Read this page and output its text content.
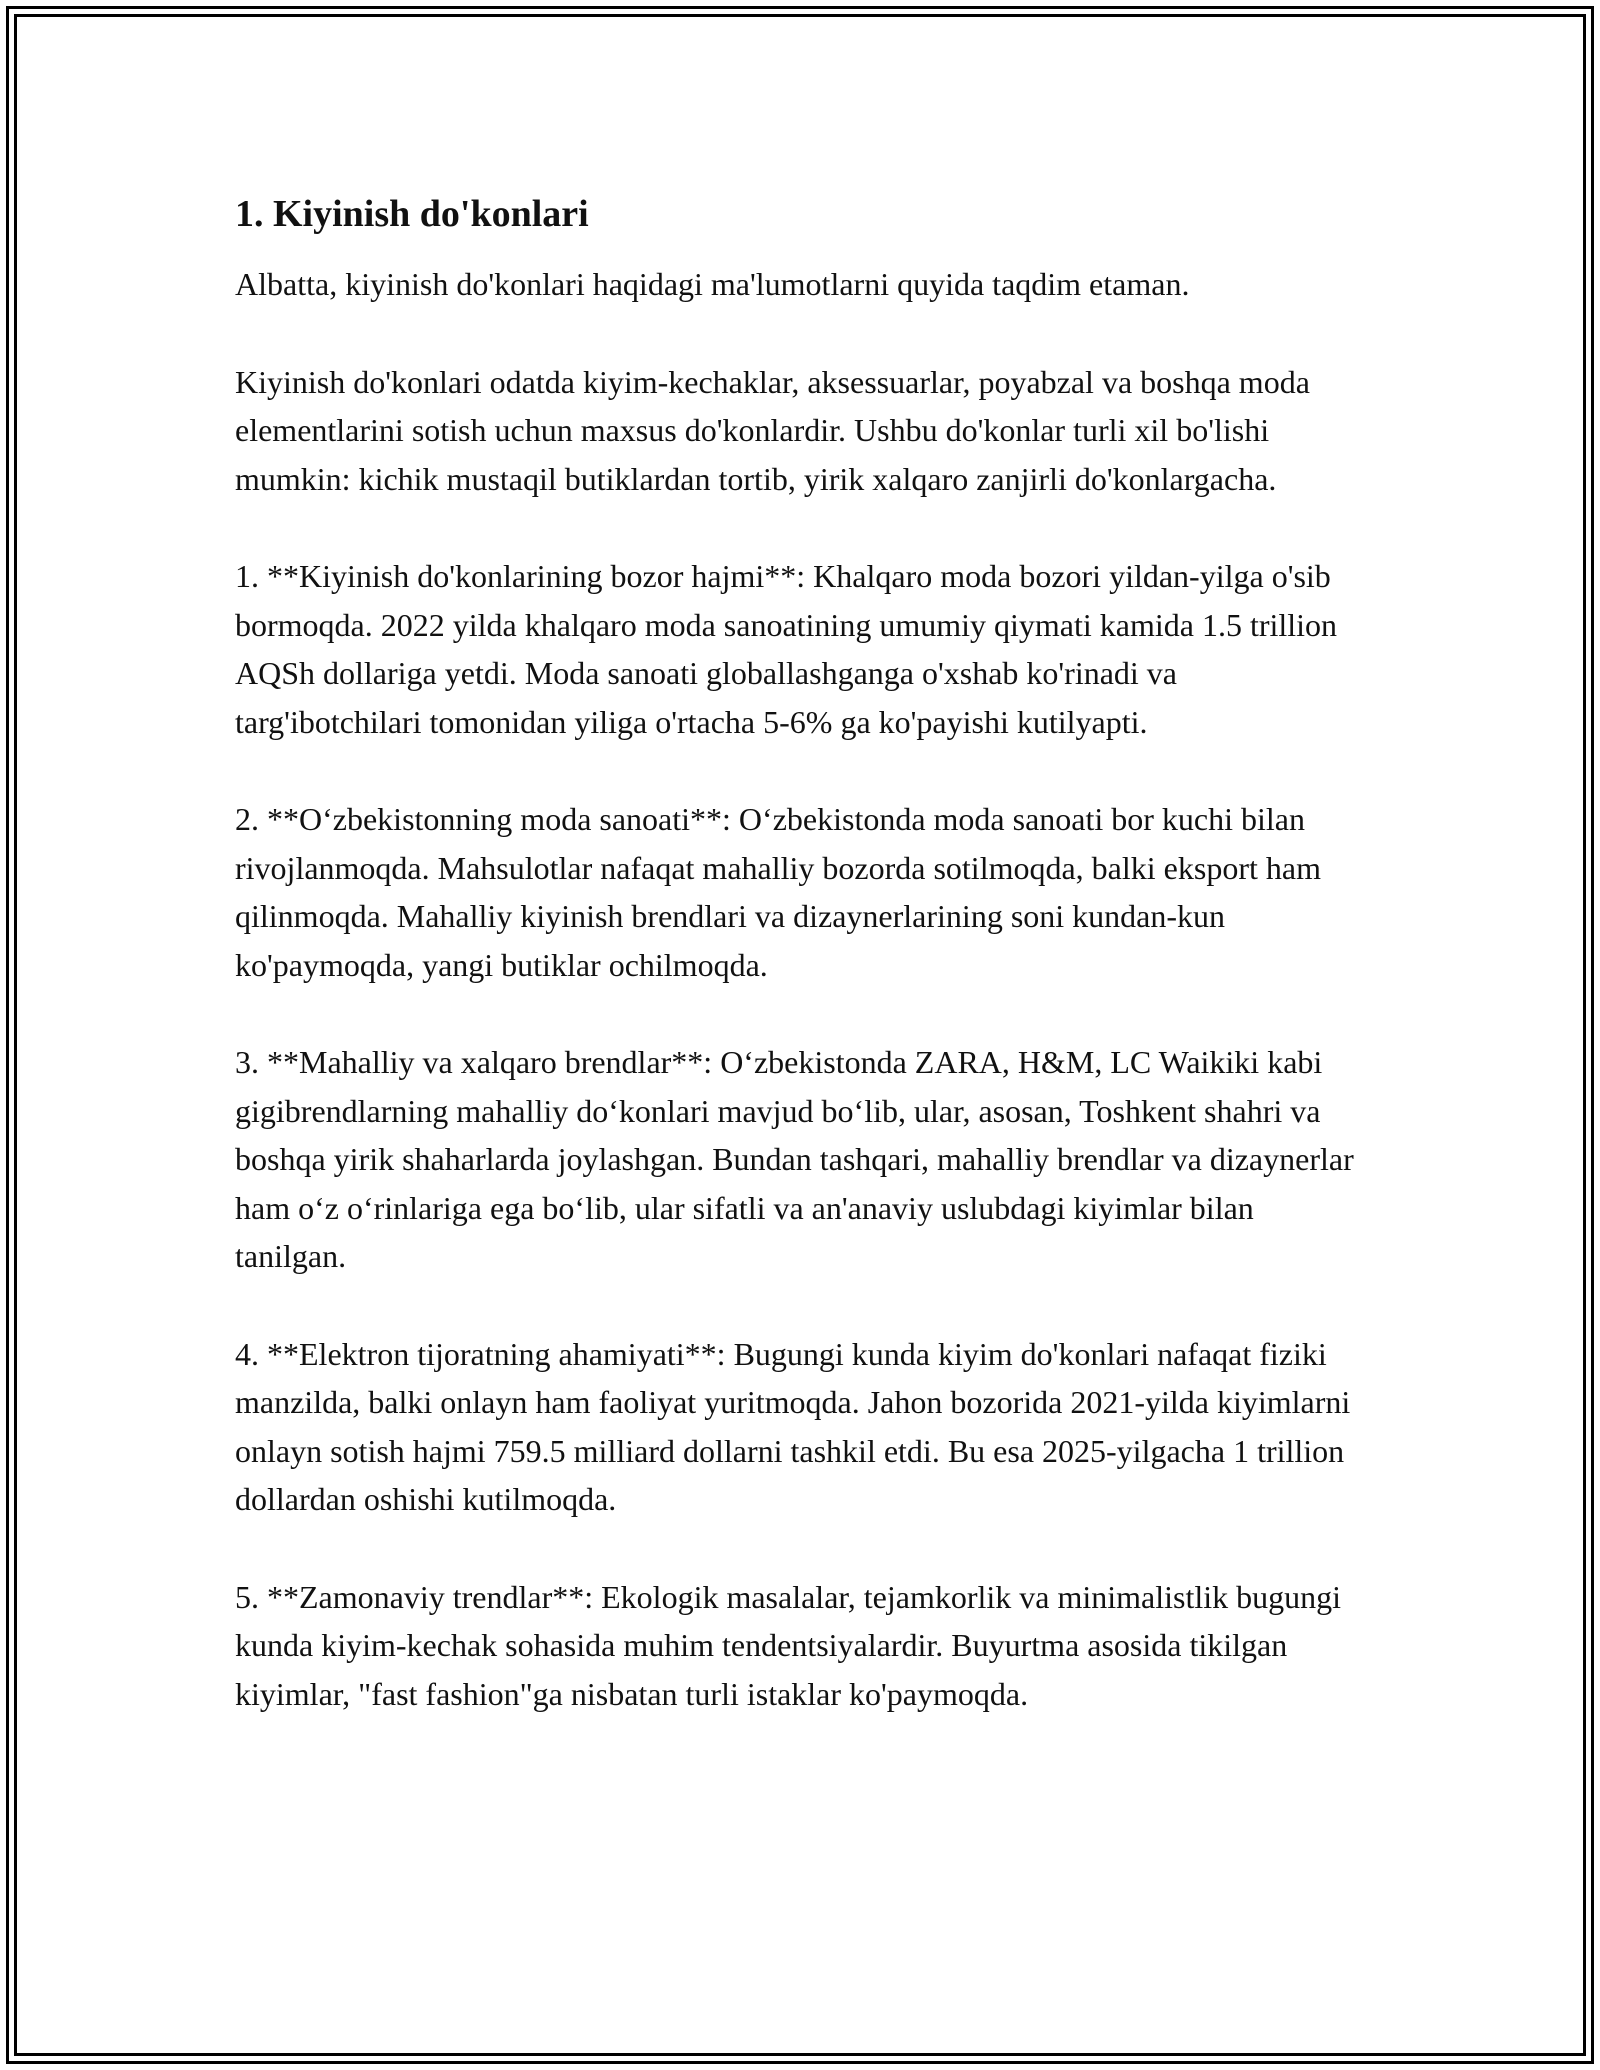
1. Kiyinish do'konlari

Albatta, kiyinish do'konlari haqidagi ma'lumotlarni quyida taqdim etaman.

Kiyinish do'konlari odatda kiyim-kechaklar, aksessuarlar, poyabzal va boshqa moda elementlarini sotish uchun maxsus do'konlardir. Ushbu do'konlar turli xil bo'lishi mumkin: kichik mustaqil butiklardan tortib, yirik xalqaro zanjirli do'konlargacha.

1. **Kiyinish do'konlarining bozor hajmi**: Khalqaro moda bozori yildan-yilga o'sib bormoqda. 2022 yilda khalqaro moda sanoatining umumiy qiymati kamida 1.5 trillion AQSh dollariga yetdi. Moda sanoati globallashganga o'xshab ko'rinadi va targ'ibotchilari tomonidan yiliga o'rtacha 5-6% ga ko'payishi kutilyapti.

2. **O‘zbekistonning moda sanoati**: O‘zbekistonda moda sanoati bor kuchi bilan rivojlanmoqda. Mahsulotlar nafaqat mahalliy bozorda sotilmoqda, balki eksport ham qilinmoqda. Mahalliy kiyinish brendlari va dizaynerlarining soni kundan-kun ko'paymoqda, yangi butiklar ochilmoqda.

3. **Mahalliy va xalqaro brendlar**: O‘zbekistonda ZARA, H&M, LC Waikiki kabi gigibrendlarning mahalliy do‘konlari mavjud bo‘lib, ular, asosan, Toshkent shahri va boshqa yirik shaharlarda joylashgan. Bundan tashqari, mahalliy brendlar va dizaynerlar ham o‘z o‘rinlariga ega bo‘lib, ular sifatli va an'anaviy uslubdagi kiyimlar bilan tanilgan.

4. **Elektron tijoratning ahamiyati**: Bugungi kunda kiyim do'konlari nafaqat fiziki manzilda, balki onlayn ham faoliyat yuritmoqda. Jahon bozorida 2021-yilda kiyimlarni onlayn sotish hajmi 759.5 milliard dollarni tashkil etdi. Bu esa 2025-yilgacha 1 trillion dollardan oshishi kutilmoqda.

5. **Zamonaviy trendlar**: Ekologik masalalar, tejamkorlik va minimalistlik bugungi kunda kiyim-kechak sohasida muhim tendentsiyalardir. Buyurtma asosida tikilgan kiyimlar, "fast fashion"ga nisbatan turli istaklar ko'paymoqda.
